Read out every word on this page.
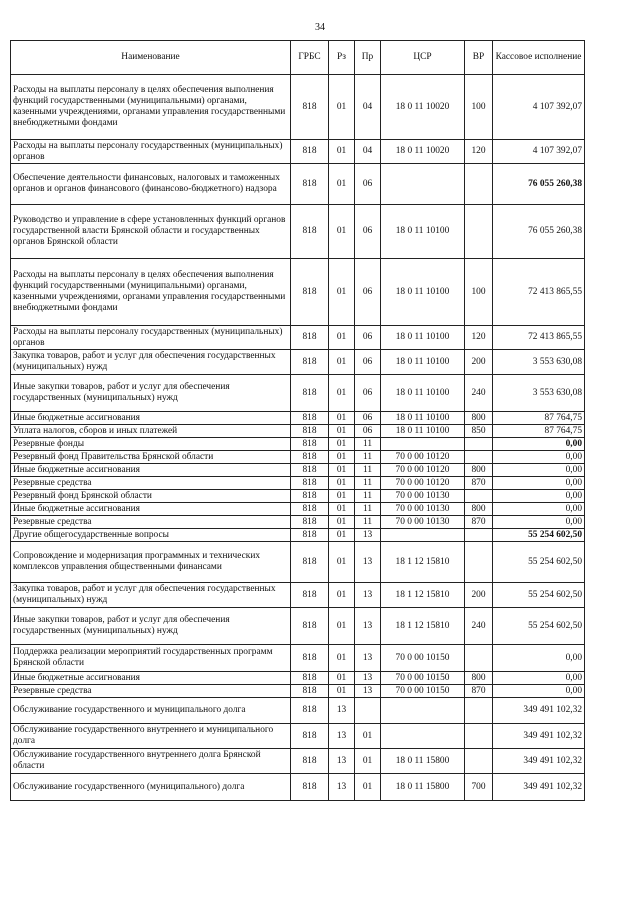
34
Наименование	ГРБС	Рз	Пр	ЦСР	ВР	Кассовое исполнение
Расходы на выплаты персоналу в целях обеспечения выполнения функций государственными (муниципальными) органами, казенными учреждениями, органами управления государственными внебюджетными фондами	818	01	04	18 0 11 10020	100	4 107 392,07
Расходы на выплаты персоналу государственных (муниципальных) органов	818	01	04	18 0 11 10020	120	4 107 392,07
Обеспечение деятельности финансовых, налоговых и таможенных органов и органов финансового (финансово-бюджетного) надзора	818	01	06			76 055 260,38
Руководство и управление в сфере установленных функций органов государственной власти Брянской области и государственных органов Брянской области	818	01	06	18 0 11 10100		76 055 260,38
Расходы на выплаты персоналу в целях обеспечения выполнения функций государственными (муниципальными) органами, казенными учреждениями, органами управления государственными внебюджетными фондами	818	01	06	18 0 11 10100	100	72 413 865,55
Расходы на выплаты персоналу государственных (муниципальных) органов	818	01	06	18 0 11 10100	120	72 413 865,55
Закупка товаров, работ и услуг для обеспечения государственных (муниципальных) нужд	818	01	06	18 0 11 10100	200	3 553 630,08
Иные закупки товаров, работ и услуг для обеспечения государственных (муниципальных) нужд	818	01	06	18 0 11 10100	240	3 553 630,08
Иные бюджетные ассигнования	818	01	06	18 0 11 10100	800	87 764,75
Уплата налогов, сборов и иных платежей	818	01	06	18 0 11 10100	850	87 764,75
Резервные фонды	818	01	11			0,00
Резервный фонд Правительства Брянской области	818	01	11	70 0 00 10120		0,00
Иные бюджетные ассигнования	818	01	11	70 0 00 10120	800	0,00
Резервные средства	818	01	11	70 0 00 10120	870	0,00
Резервный фонд Брянской области	818	01	11	70 0 00 10130		0,00
Иные бюджетные ассигнования	818	01	11	70 0 00 10130	800	0,00
Резервные средства	818	01	11	70 0 00 10130	870	0,00
Другие общегосударственные вопросы	818	01	13			55 254 602,50
Сопровождение и модернизация программных и технических комплексов управления общественными финансами	818	01	13	18 1 12 15810		55 254 602,50
Закупка товаров, работ и услуг для обеспечения государственных (муниципальных) нужд	818	01	13	18 1 12 15810	200	55 254 602,50
Иные закупки товаров, работ и услуг для обеспечения государственных (муниципальных) нужд	818	01	13	18 1 12 15810	240	55 254 602,50
Поддержка реализации мероприятий государственных программ Брянской области	818	01	13	70 0 00 10150		0,00
Иные бюджетные ассигнования	818	01	13	70 0 00 10150	800	0,00
Резервные средства	818	01	13	70 0 00 10150	870	0,00
Обслуживание государственного и муниципального долга	818	13				349 491 102,32
Обслуживание государственного внутреннего и муниципального долга	818	13	01			349 491 102,32
Обслуживание государственного внутреннего долга Брянской области	818	13	01	18 0 11 15800		349 491 102,32
Обслуживание государственного (муниципального) долга	818	13	01	18 0 11 15800	700	349 491 102,32
